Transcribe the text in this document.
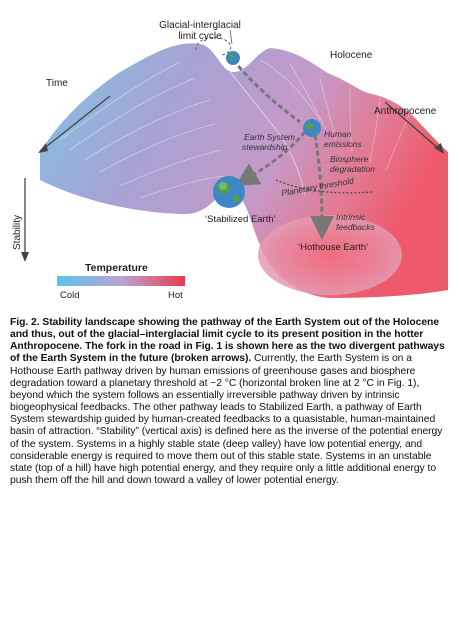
Glacial-interglacial
limit cycle
Holocene
Time
Anthropocene
Stability
Earth System
stewardship
Human
emissions
Biosphere
degradation
Planetary threshold
Intrinsic
feedbacks
‘Stabilized Earth’
‘Hothouse Earth’
Temperature
Cold	Hot

Fig. 2. Stability landscape showing the pathway of the Earth System out of the Holocene and thus, out of the glacial–interglacial limit cycle to its present position in the hotter Anthropocene. The fork in the road in Fig. 1 is shown here as the two divergent pathways of the Earth System in the future (broken arrows). Currently, the Earth System is on a Hothouse Earth pathway driven by human emissions of greenhouse gases and biosphere degradation toward a planetary threshold at ~2 °C (horizontal broken line at 2 °C in Fig. 1), beyond which the system follows an essentially irreversible pathway driven by intrinsic biogeophysical feedbacks. The other pathway leads to Stabilized Earth, a pathway of Earth System stewardship guided by human-created feedbacks to a quasistable, human-maintained basin of attraction. “Stability” (vertical axis) is defined here as the inverse of the potential energy of the system. Systems in a highly stable state (deep valley) have low potential energy, and considerable energy is required to move them out of this stable state. Systems in an unstable state (top of a hill) have high potential energy, and they require only a little additional energy to push them off the hill and down toward a valley of lower potential energy.
